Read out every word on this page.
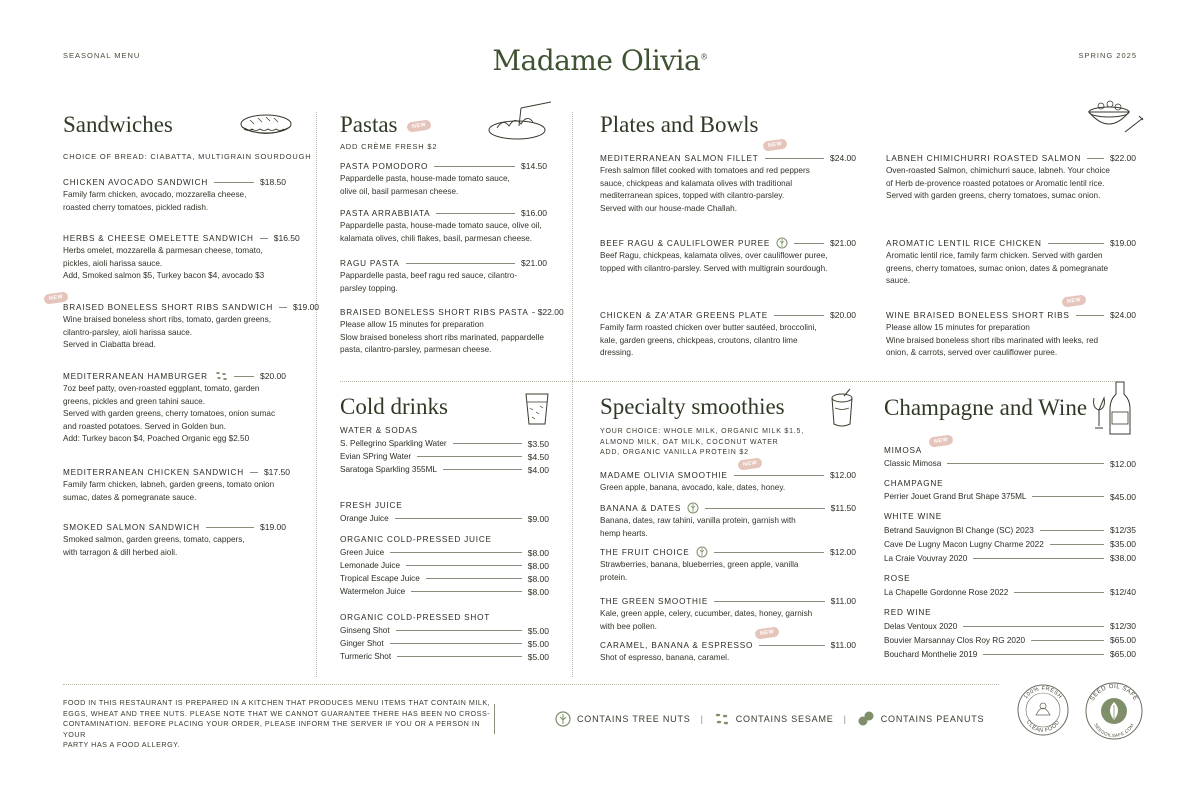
SEASONAL MENU	Madame Olivia®	SPRING 2025
Sandwiches
CHOICE OF BREAD: CIABATTA, MULTIGRAIN SOURDOUGH
CHICKEN AVOCADO SANDWICH	$18.50
Family farm chicken, avocado, mozzarella cheese,
roasted cherry tomatoes, pickled radish.
HERBS & CHEESE OMELETTE SANDWICH $16.50
Herbs omelet, mozzarella & parmesan cheese, tomato,
pickles, aioli harissa sauce.
Add, Smoked salmon $5, Turkey bacon $4, avocado $3
NEW
BRAISED BONELESS SHORT RIBS SANDWICH $19.00
Wine braised boneless short ribs, tomato, garden greens,
cilantro-parsley, aioli harissa sauce.
Served in Ciabatta bread.
MEDITERRANEAN HAMBURGER	$20.00
7oz beef patty, oven-roasted eggplant, tomato, garden
greens, pickles and green tahini sauce.
Served with garden greens, cherry tomatoes, onion sumac
and roasted potatoes. Served in Golden bun.
Add: Turkey bacon $4, Poached Organic egg $2.50
MEDITERRANEAN CHICKEN SANDWICH $17.50
Family farm chicken, labneh, garden greens, tomato onion
sumac, dates & pomegranate sauce.
SMOKED SALMON SANDWICH	$19.00
Smoked salmon, garden greens, tomato, cappers,
with tarragon & dill herbed aioli.
Pastas	NEW
ADD CRÈME FRESH $2
PASTA POMODORO	$14.50
Pappardelle pasta, house-made tomato sauce,
olive oil, basil parmesan cheese.
PASTA ARRABBIATA	$16.00
Pappardelle pasta, house-made tomato sauce, olive oil,
kalamata olives, chili flakes, basil, parmesan cheese.
RAGU PASTA	$21.00
Pappardelle pasta, beef ragu red sauce, cilantro-
parsley topping.
BRAISED BONELESS SHORT RIBS PASTA $22.00
Please allow 15 minutes for preparation
Slow braised boneless short ribs marinated, pappardelle
pasta, cilantro-parsley, parmesan cheese.
Plates and Bowls
NEW
MEDITERRANEAN SALMON FILLET	$24.00
Fresh salmon fillet cooked with tomatoes and red peppers
sauce, chickpeas and kalamata olives with traditional
mediterranean spices, topped with cilantro-parsley.
Served with our house-made Challah.
LABNEH CHIMICHURRI ROASTED SALMON	$22.00
Oven-roasted Salmon, chimichurri sauce, labneh. Your choice
of Herb de-provence roasted potatoes or Aromatic lentil rice.
Served with garden greens, cherry tomatoes, sumac onion.
BEEF RAGU & CAULIFLOWER PUREE	$21.00
Beef Ragu, chickpeas, kalamata olives, over cauliflower puree,
topped with cilantro-parsley. Served with multigrain sourdough.
AROMATIC LENTIL RICE CHICKEN	$19.00
Aromatic lentil rice, family farm chicken. Served with garden
greens, cherry tomatoes, sumac onion, dates & pomegranate
sauce.
CHICKEN & ZA'ATAR GREENS PLATE	$20.00
Family farm roasted chicken over butter sautéed, broccolini,
kale, garden greens, chickpeas, croutons, cilantro lime
dressing.
NEW
WINE BRAISED BONELESS SHORT RIBS	$24.00
Please allow 15 minutes for preparation
Wine braised boneless short ribs marinated with leeks, red
onion, & carrots, served over cauliflower puree.
Cold drinks
WATER & SODAS
S. Pellegrino Sparkling Water	$3.50
Evian SPring Water	$4.50
Saratoga Sparkling 355ML	$4.00
FRESH JUICE
Orange Juice	$9.00
ORGANIC COLD-PRESSED JUICE
Green Juice	$8.00
Lemonade Juice	$8.00
Tropical Escape Juice	$8.00
Watermelon Juice	$8.00
ORGANIC COLD-PRESSED SHOT
Ginseng Shot	$5.00
Ginger Shot	$5.00
Turmeric Shot	$5.00
Specialty smoothies
YOUR CHOICE: WHOLE MILK, ORGANIC MILK $1.5,
ALMOND MILK, OAT MILK, COCONUT WATER
ADD, ORGANIC VANILLA PROTEIN $2
NEW
MADAME OLIVIA SMOOTHIE	$12.00
Green apple, banana, avocado, kale, dates, honey.
BANANA & DATES	$11.50
Banana, dates, raw tahini, vanilla protein, garnish with
hemp hearts.
THE FRUIT CHOICE	$12.00
Strawberries, banana, blueberries, green apple, vanilla
protein.
THE GREEN SMOOTHIE	$11.00
Kale, green apple, celery, cucumber, dates, honey, garnish
with bee pollen.
NEW
CARAMEL, BANANA & ESPRESSO	$11.00
Shot of espresso, banana, caramel.
Champagne and Wine
NEW
MIMOSA
Classic Mimosa	$12.00
CHAMPAGNE
Perrier Jouet Grand Brut Shape 375ML	$45.00
WHITE WINE
Betrand Sauvignon Bl Change (SC) 2023	$12/35
Cave De Lugny Macon Lugny Charme 2022	$35.00
La Craie Vouvray 2020	$38.00
ROSE
La Chapelle Gordonne Rose 2022	$12/40
RED WINE
Delas Ventoux 2020	$12/30
Bouvier Marsannay Clos Roy RG 2020	$65.00
Bouchard Monthelie 2019	$65.00
FOOD IN THIS RESTAURANT IS PREPARED IN A KITCHEN THAT PRODUCES MENU ITEMS THAT CONTAIN MILK,
EGGS, WHEAT AND TREE NUTS. PLEASE NOTE THAT WE CANNOT GUARANTEE THERE HAS BEEN NO CROSS-
CONTAMINATION. BEFORE PLACING YOUR ORDER, PLEASE INFORM THE SERVER IF YOU OR A PERSON IN YOUR
PARTY HAS A FOOD ALLERGY.
CONTAINS TREE NUTS |	CONTAINS SESAME |	CONTAINS PEANUTS
100% FRESH
CLEAN FOOD
SEED OIL SAFE
SEEDOILSAFE.COM
